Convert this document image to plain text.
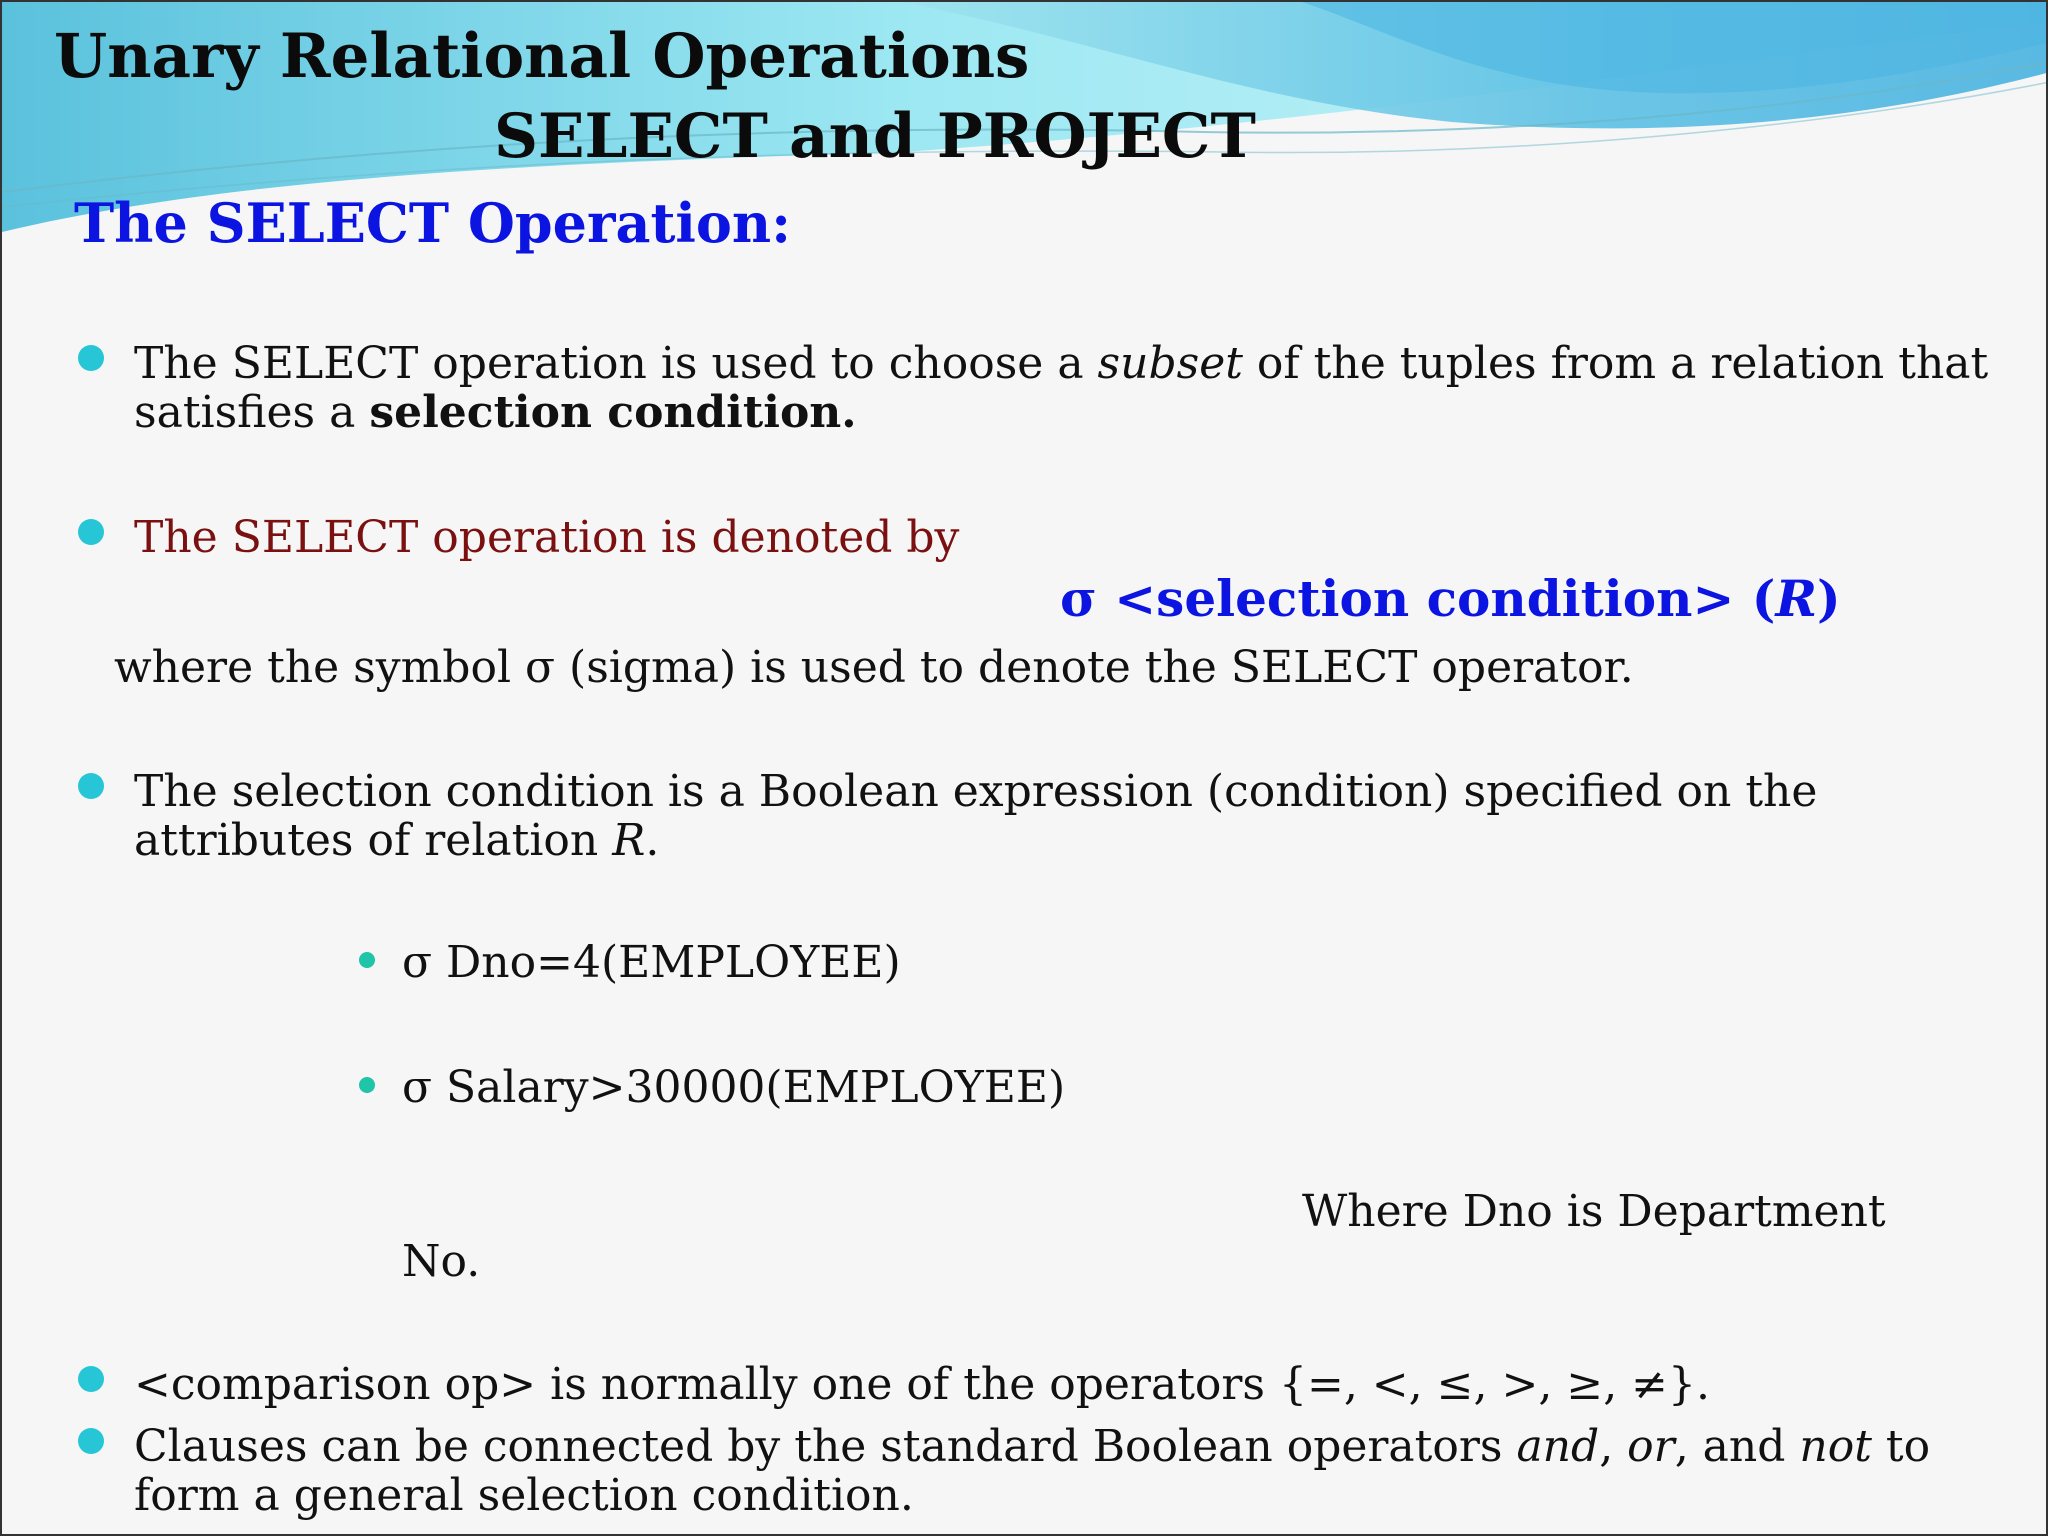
Unary Relational Operations
SELECT and PROJECT
The SELECT Operation:
The SELECT operation is used to choose a subset of the tuples from a relation that
satisfies a selection condition.
The SELECT operation is denoted by
σ <selection condition> (R)
where the symbol σ (sigma) is used to denote the SELECT operator.
The selection condition is a Boolean expression (condition) specified on the
attributes of relation R.
σ Dno=4(EMPLOYEE)
σ Salary>30000(EMPLOYEE)
Where Dno is Department
No.
<comparison op> is normally one of the operators {=, <, ≤, >, ≥, ≠}.
Clauses can be connected by the standard Boolean operators and, or, and not to
form a general selection condition.
